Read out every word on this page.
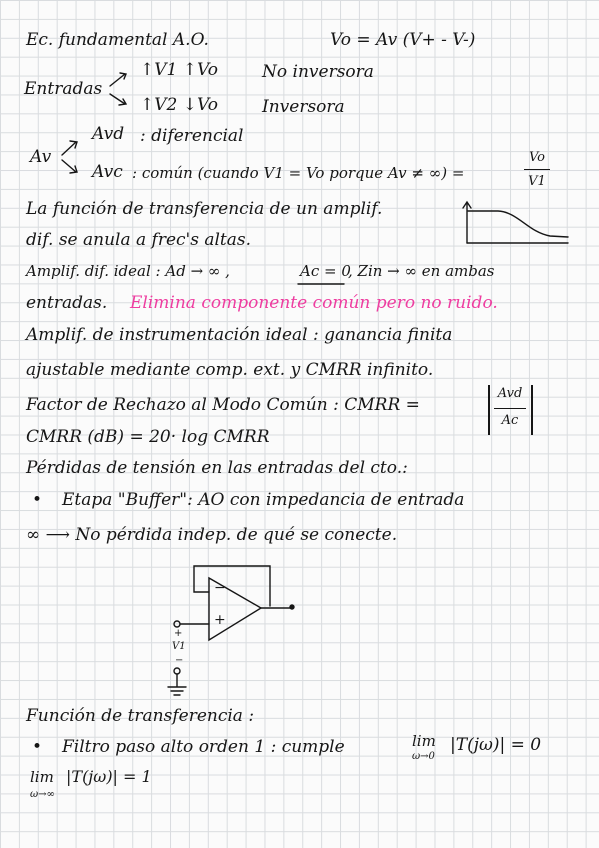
Ec. fundamental A.O.	Vo = Av (V+ - V-)
Entradas
↑V1 ↑Vo	No inversora
↑V2 ↓Vo	Inversora
Av
Avd : diferencial
Avc : común (cuando V1 = Vo porque Av ≠ ∞) =
Vo
V1
La función de transferencia de un amplif.
dif. se anula a frec's altas.
Amplif. dif. ideal : Ad → ∞ ,	Ac = 0
, Zin → ∞ en ambas
entradas. Elimina componente común pero no ruido.
Amplif. de instrumentación ideal : ganancia finita
ajustable mediante comp. ext. y CMRR infinito.
Factor de Rechazo al Modo Común : CMRR =
Avd
Ac
CMRR (dB) = 20· log CMRR
Pérdidas de tensión en las entradas del cto.:
• Etapa "Buffer": AO con impedancia de entrada
∞ ⟶ No pérdida indep. de qué se conecte.
−
+
+
V1
−
Función de transferencia :
• Filtro paso alto orden 1 : cumple	lim
ω→0
|T(jω)| = 0
lim |T(jω)| = 1
ω→∞
